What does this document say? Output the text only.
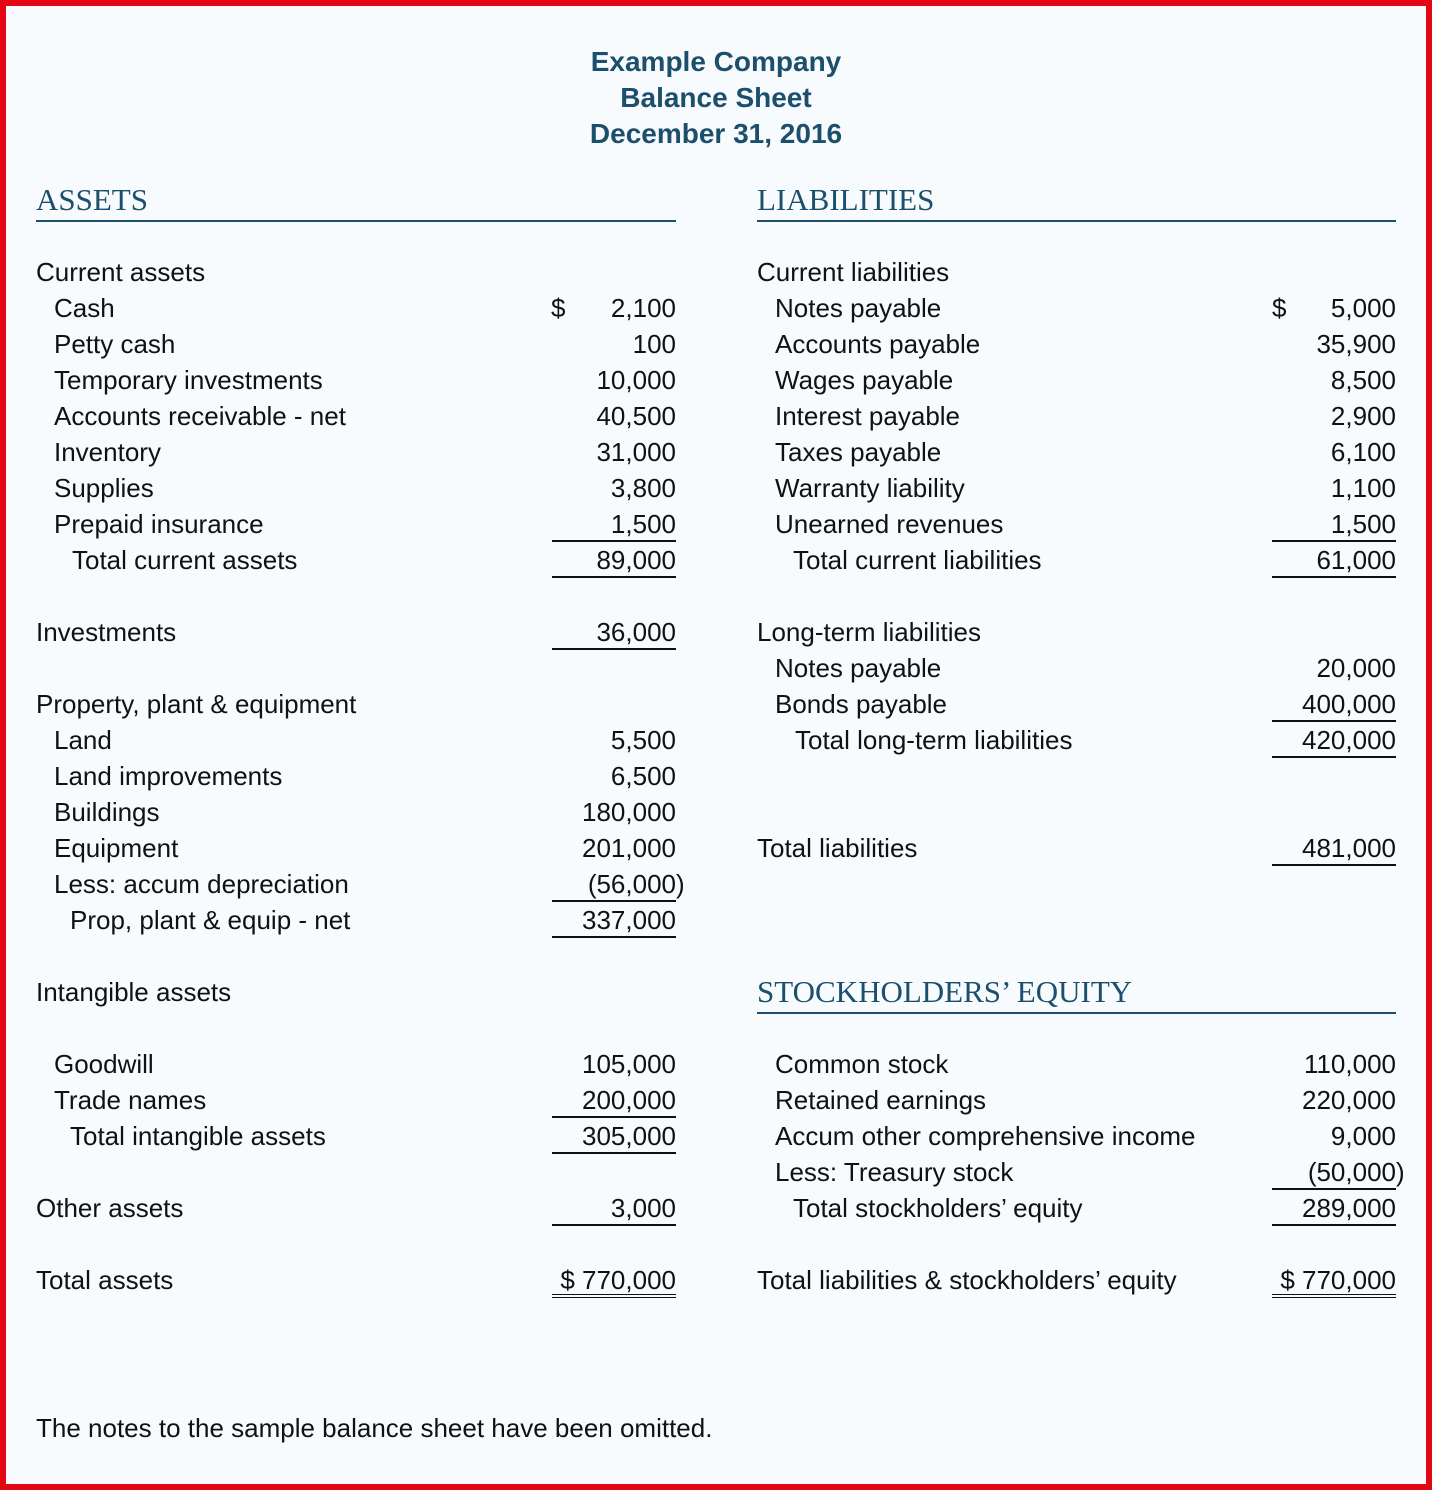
Example Company
Balance Sheet
December 31, 2016
ASSETS	LIABILITIES
STOCKHOLDERS’ EQUITY
Current assets
Cash	$	2,100
Petty cash	100
Temporary investments	10,000
Accounts receivable - net	40,500
Inventory	31,000
Supplies	3,800
Prepaid insurance	1,500
Total current assets	89,000
Investments	36,000
Property, plant & equipment
Land	5,500
Land improvements	6,500
Buildings	180,000
Equipment	201,000
Less: accum depreciation	(56,000 )
Prop, plant & equip - net	337,000
Intangible assets
Goodwill	105,000
Trade names	200,000
Total intangible assets	305,000
Other assets	3,000
Total assets	$ 770,000
Current liabilities
Notes payable	$	5,000
Accounts payable	35,900
Wages payable	8,500
Interest payable	2,900
Taxes payable	6,100
Warranty liability	1,100
Unearned revenues	1,500
Total current liabilities	61,000
Long-term liabilities
Notes payable	20,000
Bonds payable	400,000
Total long-term liabilities	420,000
Total liabilities	481,000
Common stock	110,000
Retained earnings	220,000
Accum other comprehensive income	9,000
Less: Treasury stock	(50,000 )
Total stockholders’ equity	289,000
Total liabilities & stockholders’ equity	$ 770,000
The notes to the sample balance sheet have been omitted.
